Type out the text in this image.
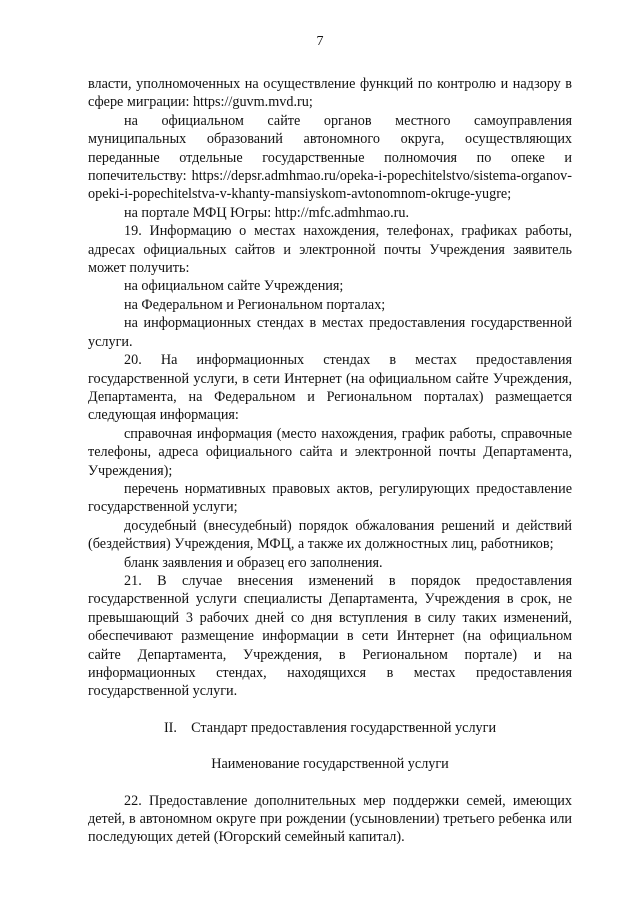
7

власти, уполномоченных на осуществление функций по контролю и надзору в сфере миграции: https://guvm.mvd.ru;

на официальном сайте органов местного самоуправления муниципальных образований автономного округа, осуществляющих переданные отдельные государственные полномочия по опеке и попечительству: https://depsr.admhmao.ru/opeka-i-popechitelstvo/sistema-organov-opeki-i-popechitelstva-v-khanty-mansiyskom-avtonomnom-okruge-yugre;

на портале МФЦ Югры: http://mfc.admhmao.ru.

19. Информацию о местах нахождения, телефонах, графиках работы, адресах официальных сайтов и электронной почты Учреждения заявитель может получить:

на официальном сайте Учреждения;

на Федеральном и Региональном порталах;

на информационных стендах в местах предоставления государственной услуги.

20. На информационных стендах в местах предоставления государственной услуги, в сети Интернет (на официальном сайте Учреждения, Департамента, на Федеральном и Региональном порталах) размещается следующая информация:

справочная информация (место нахождения, график работы, справочные телефоны, адреса официального сайта и электронной почты Департамента, Учреждения);

перечень нормативных правовых актов, регулирующих предоставление государственной услуги;

досудебный (внесудебный) порядок обжалования решений и действий (бездействия) Учреждения, МФЦ, а также их должностных лиц, работников;

бланк заявления и образец его заполнения.

21. В случае внесения изменений в порядок предоставления государственной услуги специалисты Департамента, Учреждения в срок, не превышающий 3 рабочих дней со дня вступления в силу таких изменений, обеспечивают размещение информации в сети Интернет (на официальном сайте Департамента, Учреждения, в Региональном портале) и на информационных стендах, находящихся в местах предоставления государственной услуги.

II.    Стандарт предоставления государственной услуги
Наименование государственной услуги

22. Предоставление дополнительных мер поддержки семей, имеющих детей, в автономном округе при рождении (усыновлении) третьего ребенка или последующих детей (Югорский семейный капитал).
